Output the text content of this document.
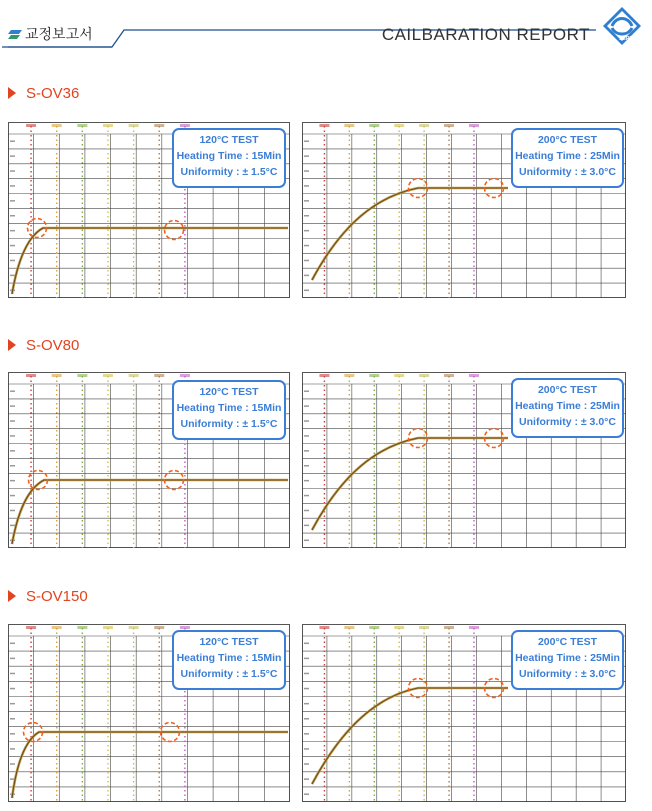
교정보고서	CAILBARATION REPORT	SERIM
S-OV36
S-OV80
S-OV150
120°C TEST
Heating Time : 15Min
Uniformity : ± 1.5°C
200°C TEST
Heating Time : 25Min
Uniformity : ± 3.0°C
120°C TEST
Heating Time : 15Min
Uniformity : ± 1.5°C
200°C TEST
Heating Time : 25Min
Uniformity : ± 3.0°C
120°C TEST
Heating Time : 15Min
Uniformity : ± 1.5°C
200°C TEST
Heating Time : 25Min
Uniformity : ± 3.0°C
